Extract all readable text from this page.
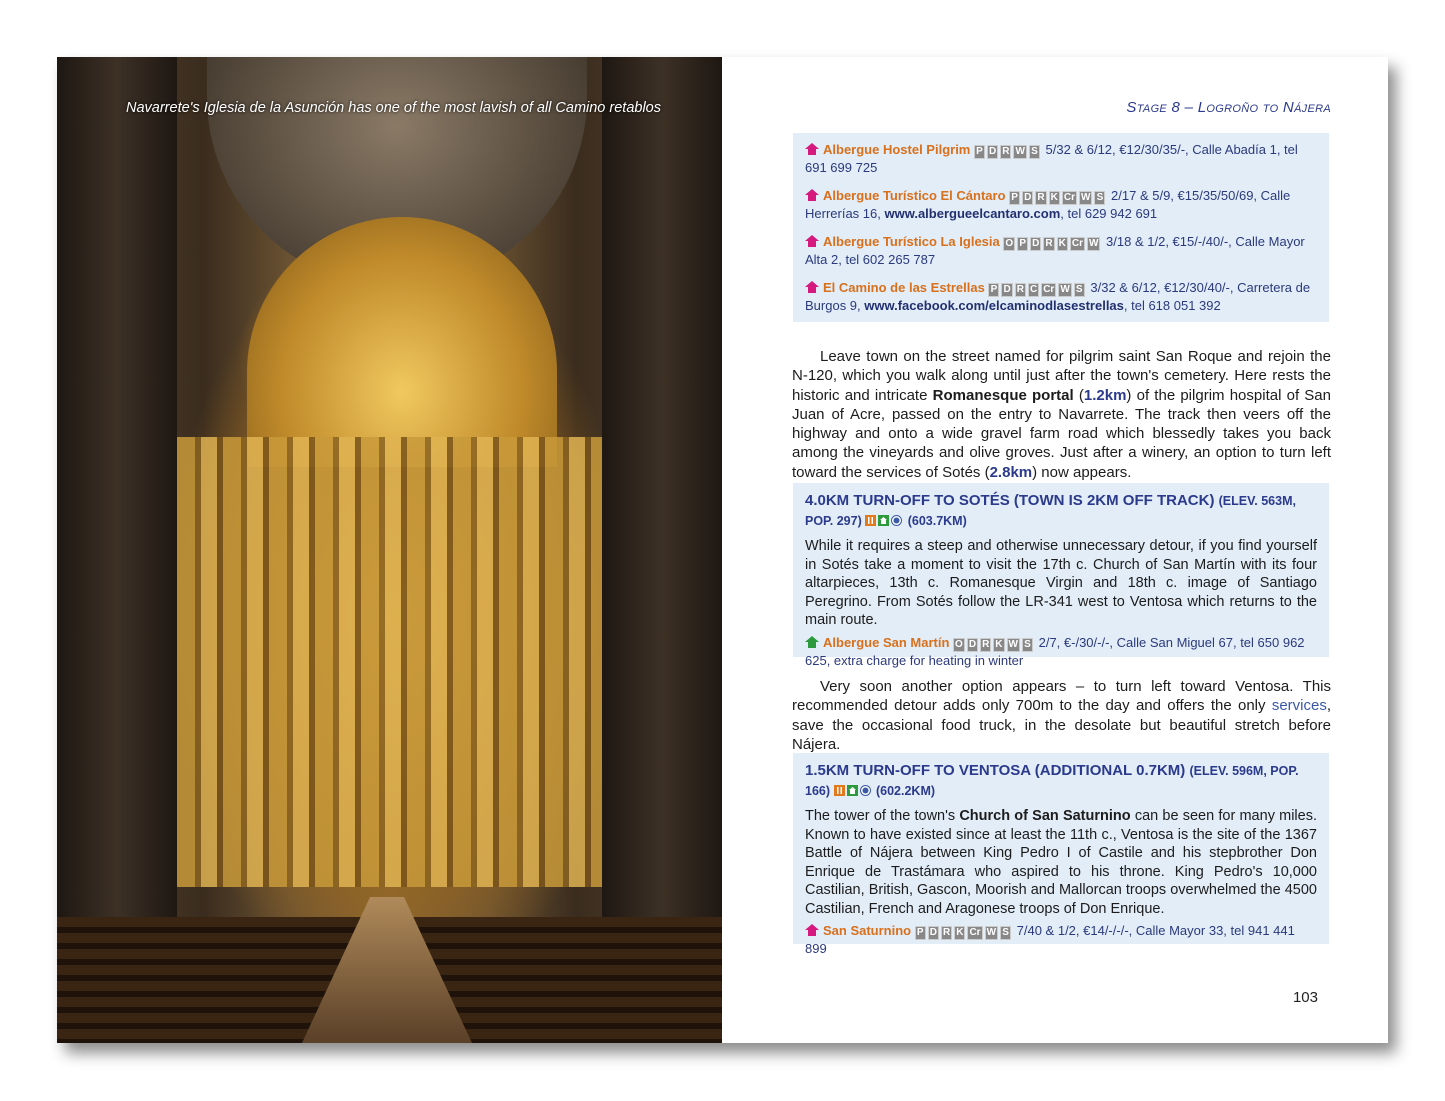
Navarrete's Iglesia de la Asunción has one of the most lavish of all Camino retablos	Stage 8 – Logroño to Nájera
Albergue Hostel Pilgrim P D R W S 5/32 & 6/12, €12/30/35/-, Calle Abadía 1, tel 691 699 725
Albergue Turístico El Cántaro P D R K Cr W S 2/17 & 5/9, €15/35/50/69, Calle Herrerías 16, www.albergueelcantaro.com, tel 629 942 691
Albergue Turístico La Iglesia O P D R K Cr W 3/18 & 1/2, €15/-/40/-, Calle Mayor Alta 2, tel 602 265 787
El Camino de las Estrellas P D R C Cr W S 3/32 & 6/12, €12/30/40/-, Carretera de Burgos 9, www.facebook.com/elcaminodlasestrellas, tel 618 051 392

Leave town on the street named for pilgrim saint San Roque and rejoin the N-120, which you walk along until just after the town's cemetery. Here rests the historic and intricate Romanesque portal (1.2km) of the pilgrim hospital of San Juan of Acre, passed on the entry to Navarrete. The track then veers off the highway and onto a wide gravel farm road which blessedly takes you back among the vineyards and olive groves. Just after a winery, an option to turn left toward the services of Sotés (2.8km) now appears.

4.0KM TURN-OFF TO SOTÉS (TOWN IS 2KM OFF TRACK) (ELEV. 563M, POP. 297)	(603.7KM)
While it requires a steep and otherwise unnecessary detour, if you find yourself in Sotés take a moment to visit the 17th c. Church of San Martín with its four altarpieces, 13th c. Romanesque Virgin and 18th c. image of Santiago Peregrino. From Sotés follow the LR-341 west to Ventosa which returns to the main route.
Albergue San Martín O D R K W S 2/7, €-/30/-/-, Calle San Miguel 67, tel 650 962 625, extra charge for heating in winter

Very soon another option appears – to turn left toward Ventosa. This recommended detour adds only 700m to the day and offers the only services, save the occasional food truck, in the desolate but beautiful stretch before Nájera.

1.5KM TURN-OFF TO VENTOSA (ADDITIONAL 0.7KM) (ELEV. 596M, POP. 166)	(602.2KM)
The tower of the town's Church of San Saturnino can be seen for many miles. Known to have existed since at least the 11th c., Ventosa is the site of the 1367 Battle of Nájera between King Pedro I of Castile and his stepbrother Don Enrique de Trastámara who aspired to his throne. King Pedro's 10,000 Castilian, British, Gascon, Moorish and Mallorcan troops overwhelmed the 4500 Castilian, French and Aragonese troops of Don Enrique.
San Saturnino P D R K Cr W S 7/40 & 1/2, €14/-/-/-, Calle Mayor 33, tel 941 441 899
103
